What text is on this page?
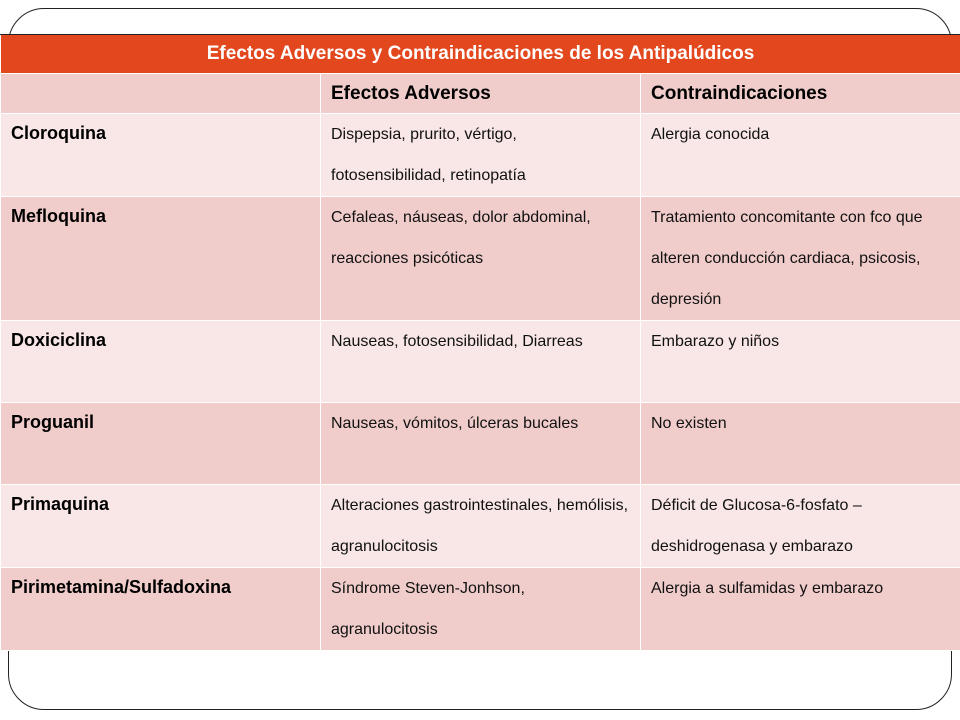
Efectos Adversos y Contraindicaciones de los Antipalúdicos		
	Efectos Adversos	Contraindicaciones
Cloroquina	Dispepsia, prurito, vértigo, fotosensibilidad, retinopatía	Alergia conocida
Mefloquina	Cefaleas, náuseas, dolor abdominal, reacciones psicóticas	Tratamiento concomitante con fco que alteren conducción cardiaca, psicosis, depresión
Doxiciclina	Nauseas, fotosensibilidad, Diarreas	Embarazo y niños
Proguanil	Nauseas, vómitos, úlceras bucales	No existen
Primaquina	Alteraciones gastrointestinales, hemólisis, agranulocitosis	Déficit de Glucosa-6-fosfato – deshidrogenasa y embarazo
Pirimetamina/Sulfadoxina	Síndrome Steven-Jonhson, agranulocitosis	Alergia a sulfamidas y embarazo
